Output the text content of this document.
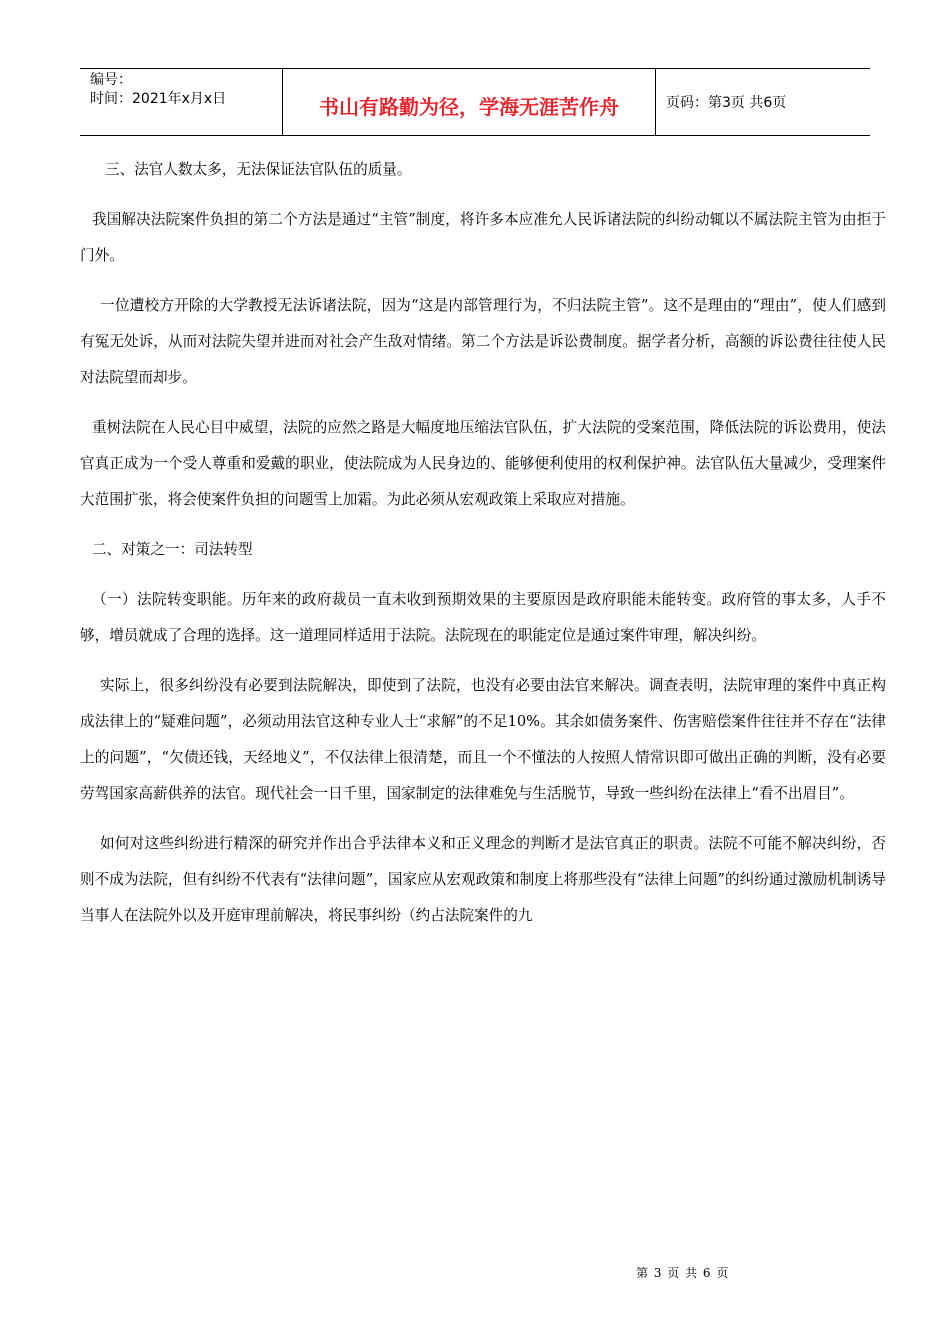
编号：
时间：2021年x月x日	书山有路勤为径，学海无涯苦作舟	页码：第3页 共6页

三、法官人数太多，无法保证法官队伍的质量。

我国解决法院案件负担的第二个方法是通过“主管”制度，将许多本应准允人民诉诸法院的纠纷动辄以不属法院主管为由拒于门外。

一位遭校方开除的大学教授无法诉诸法院，因为“这是内部管理行为，不归法院主管”。这不是理由的“理由”，使人们感到有冤无处诉，从而对法院失望并进而对社会产生敌对情绪。第二个方法是诉讼费制度。据学者分析，高额的诉讼费往往使人民对法院望而却步。

重树法院在人民心目中威望，法院的应然之路是大幅度地压缩法官队伍，扩大法院的受案范围，降低法院的诉讼费用，使法官真正成为一个受人尊重和爱戴的职业，使法院成为人民身边的、能够便利使用的权利保护神。法官队伍大量减少，受理案件大范围扩张，将会使案件负担的问题雪上加霜。为此必须从宏观政策上采取应对措施。

二、对策之一：司法转型

（一）法院转变职能。历年来的政府裁员一直未收到预期效果的主要原因是政府职能未能转变。政府管的事太多，人手不够，增员就成了合理的选择。这一道理同样适用于法院。法院现在的职能定位是通过案件审理，解决纠纷。

实际上，很多纠纷没有必要到法院解决，即使到了法院，也没有必要由法官来解决。调查表明，法院审理的案件中真正构成法律上的“疑难问题”，必须动用法官这种专业人士“求解”的不足10%。其余如债务案件、伤害赔偿案件往往并不存在“法律上的问题”，“欠债还钱，天经地义”，不仅法律上很清楚，而且一个不懂法的人按照人情常识即可做出正确的判断，没有必要劳驾国家高薪供养的法官。现代社会一日千里，国家制定的法律难免与生活脱节，导致一些纠纷在法律上“看不出眉目”。

如何对这些纠纷进行精深的研究并作出合乎法律本义和正义理念的判断才是法官真正的职责。法院不可能不解决纠纷，否则不成为法院，但有纠纷不代表有“法律问题”，国家应从宏观政策和制度上将那些没有“法律上问题”的纠纷通过激励机制诱导当事人在法院外以及开庭审理前解决，将民事纠纷（约占法院案件的九

第 3 页 共 6 页
